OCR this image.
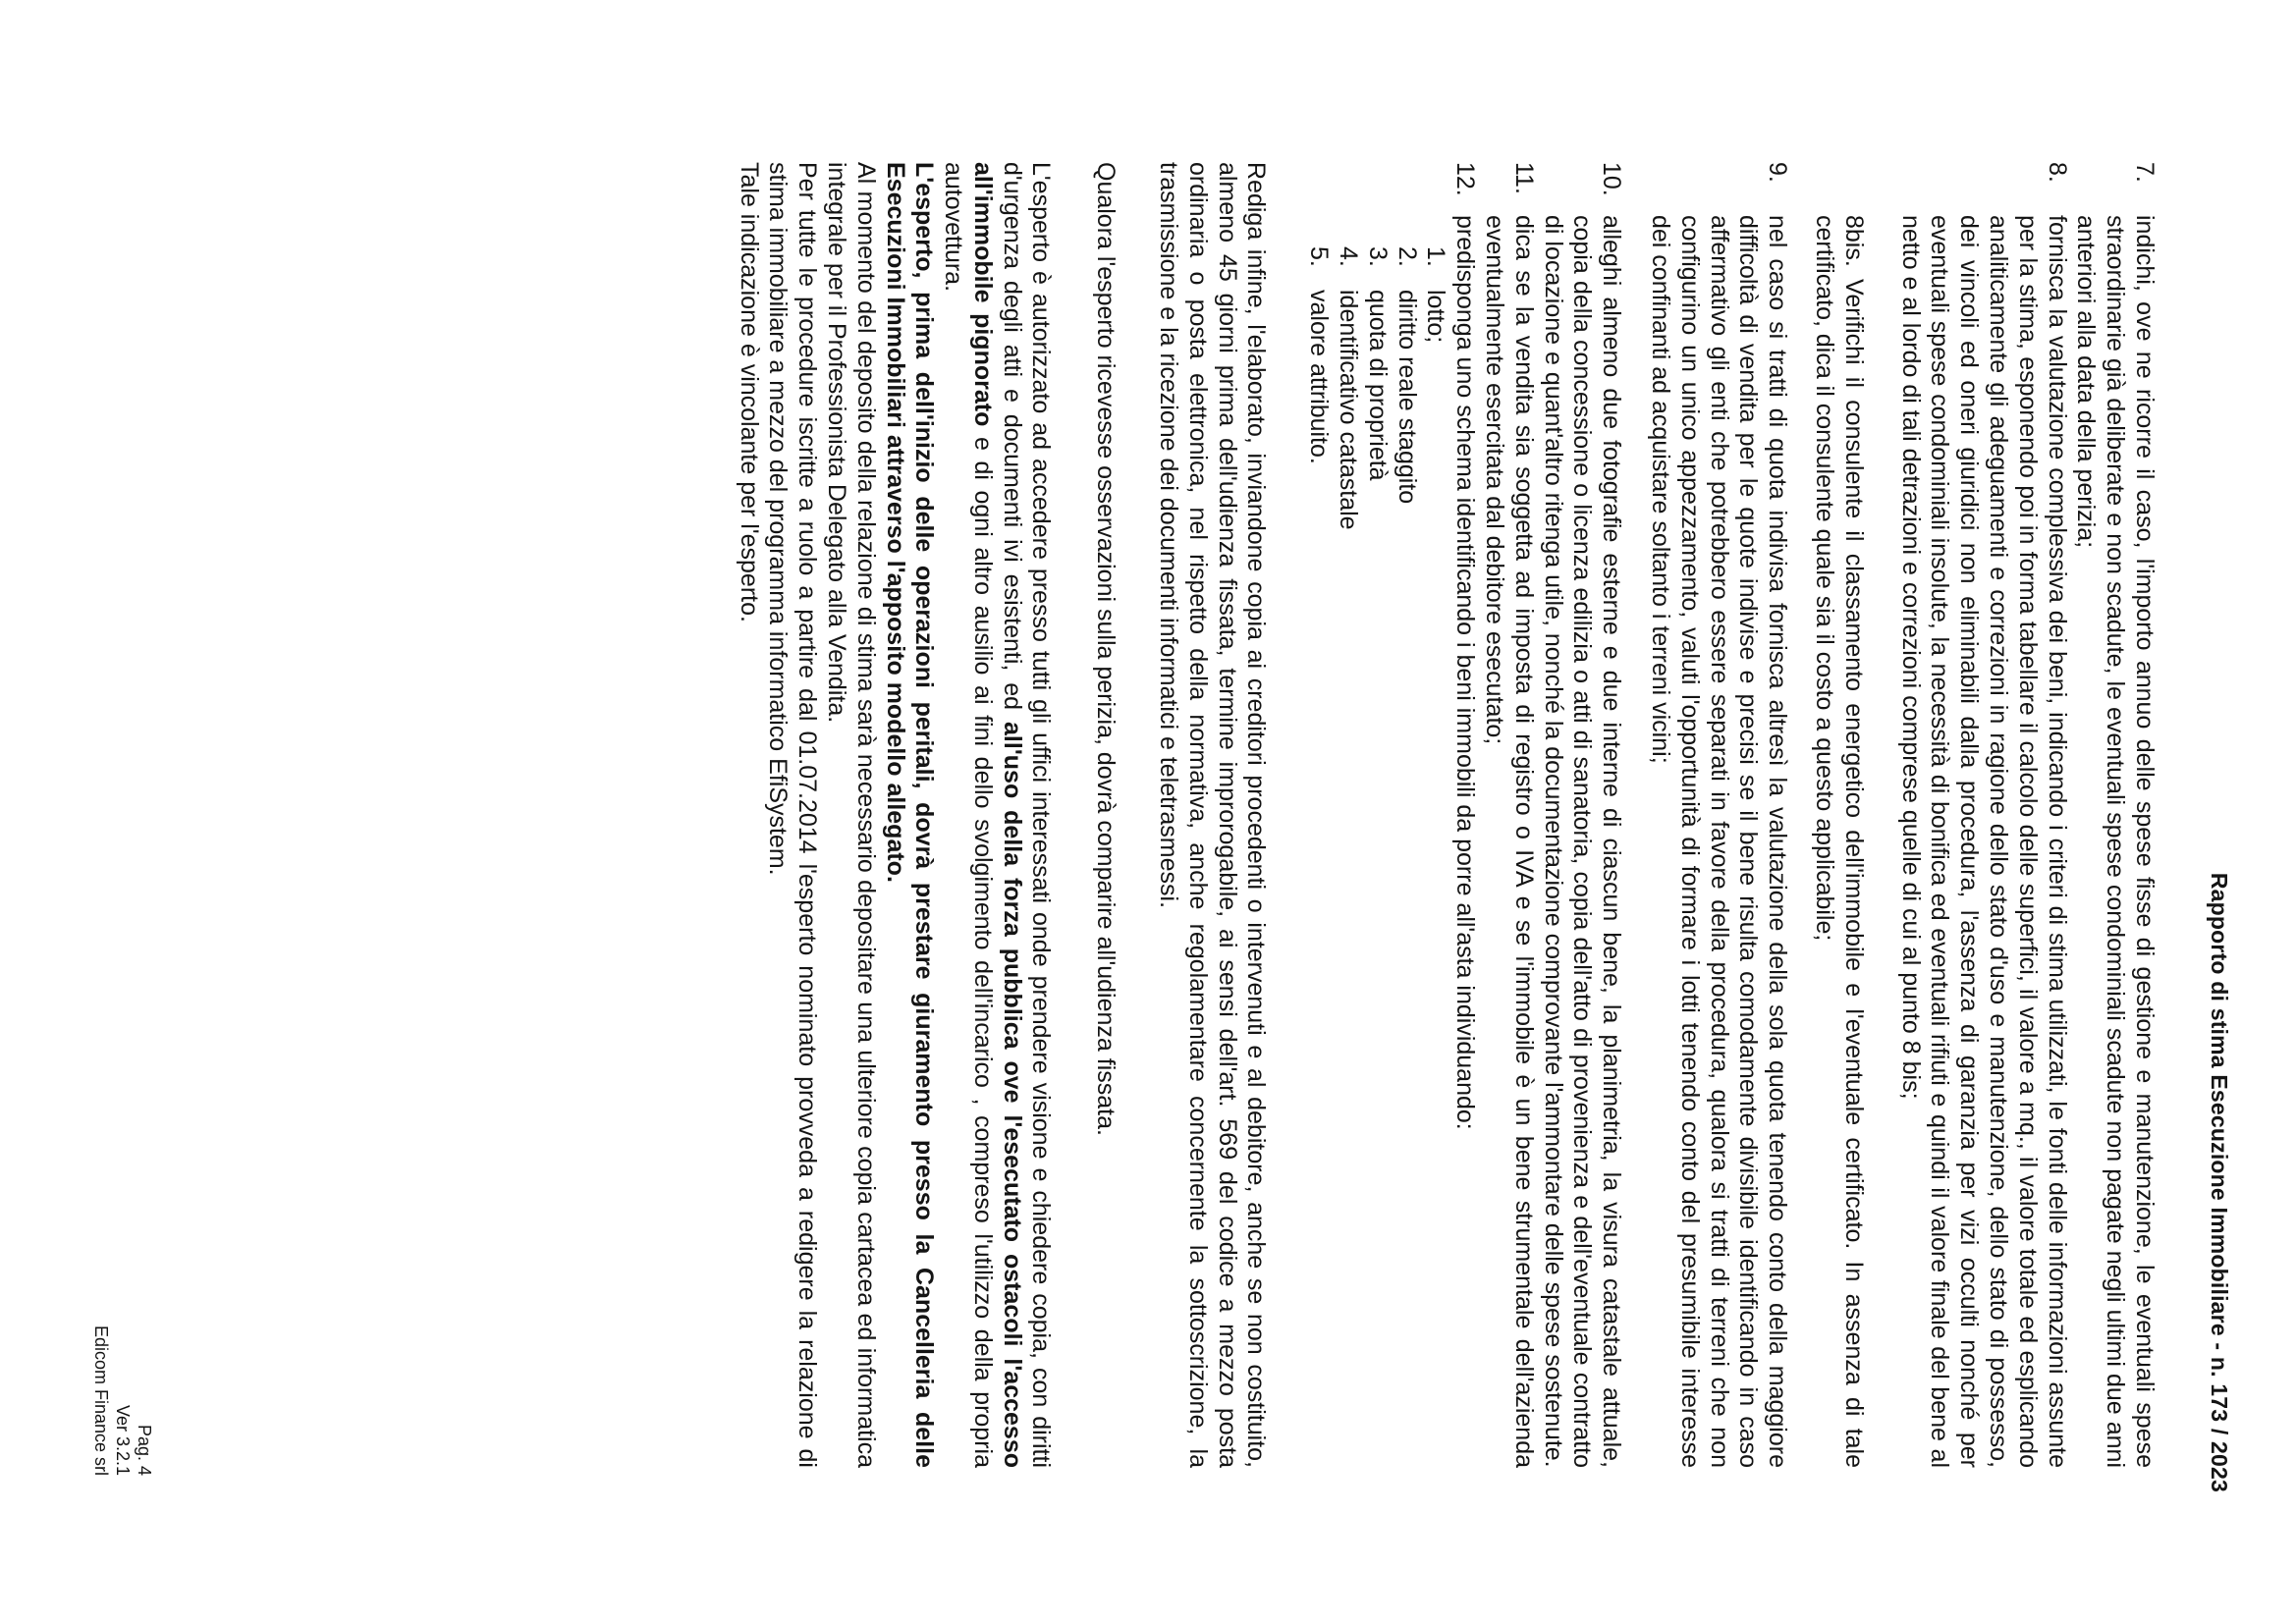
Rapporto di stima Esecuzione Immobiliare - n. 173 / 2023
7.
indichi, ove ne ricorre il caso, l'importo annuo delle spese fisse di gestione e manutenzione, le eventuali spese straordinarie già deliberate e non scadute, le eventuali spese condominiali scadute non pagate negli ultimi due anni anteriori alla data della perizia;
8.
fornisca la valutazione complessiva dei beni, indicando i criteri di stima utilizzati, le fonti delle informazioni assunte per la stima, esponendo poi in forma tabellare il calcolo delle superfici, il valore a mq., il valore totale ed esplicando analiticamente gli adeguamenti e correzioni in ragione dello stato d'uso e manutenzione, dello stato di possesso, dei vincoli ed oneri giuridici non eliminabili dalla procedura, l'assenza di garanzia per vizi occulti nonché per eventuali spese condominiali insolute, la necessità di bonifica ed eventuali rifiuti e quindi il valore finale del bene al netto e al lordo di tali detrazioni e correzioni comprese quelle di cui al punto 8 bis;
8bis. Verifichi il consulente il classamento energetico dell'immobile e l'eventuale certificato. In assenza di tale certificato, dica il consulente quale sia il costo a questo applicabile;
9.
nel caso si tratti di quota indivisa fornisca altresì la valutazione della sola quota tenendo conto della maggiore difficoltà di vendita per le quote indivise e precisi se il bene risulta comodamente divisibile identificando in caso affermativo gli enti che potrebbero essere separati in favore della procedura, qualora si tratti di terreni che non configurino un unico appezzamento, valuti l'opportunità di formare i lotti tenendo conto del presumibile interesse dei confinanti ad acquistare soltanto i terreni vicini;
10.
alleghi almeno due fotografie esterne e due interne di ciascun bene, la planimetria, la visura catastale attuale, copia della concessione o licenza edilizia o atti di sanatoria, copia dell'atto di provenienza e dell'eventuale contratto di locazione e quant'altro ritenga utile, nonché la documentazione comprovante l'ammontare delle spese sostenute.
11.
dica se la vendita sia soggetta ad imposta di registro o IVA e se l'immobile è un bene strumentale dell'azienda eventualmente esercitata dal debitore esecutato;
12.
predisponga uno schema identificando i beni immobili da porre all'asta individuando:
1.
lotto;
2.
diritto reale staggito
3.
quota di proprietà
4.
identificativo catastale
5.
valore attribuito.

Rediga infine, l'elaborato, inviandone copia ai creditori procedenti o intervenuti e al debitore, anche se non costituito, almeno 45 giorni prima dell'udienza fissata, termine improrogabile, ai sensi dell'art. 569 del codice a mezzo posta ordinaria o posta elettronica, nel rispetto della normativa, anche regolamentare concernente la sottoscrizione, la trasmissione e la ricezione dei documenti informatici e teletrasmessi.

Qualora l'esperto ricevesse osservazioni sulla perizia, dovrà comparire all'udienza fissata.

L'esperto è autorizzato ad accedere presso tutti gli uffici interessati onde prendere visione e chiedere copia, con diritti d'urgenza degli atti e documenti ivi esistenti, ed all'uso della forza pubblica ove l'esecutato ostacoli l'accesso all'immobile pignorato e di ogni altro ausilio ai fini dello svolgimento dell'incarico , compreso l'utilizzo della propria autovettura.

L'esperto, prima dell'inizio delle operazioni peritali, dovrà prestare giuramento presso la Cancelleria delle Esecuzioni Immobiliari attraverso l'apposito modello allegato.

Al momento del deposito della relazione di stima sarà necessario depositare una ulteriore copia cartacea ed informatica integrale per il Professionista Delegato alla Vendita.

Per tutte le procedure iscritte a ruolo a partire dal 01.07.2014 l'esperto nominato provveda a redigere la relazione di stima immobiliare a mezzo del programma informatico EfiSystem.

Tale indicazione è vincolante per l'esperto.

Pag. 4
Ver 3.2.1
Edicom Finance srl
